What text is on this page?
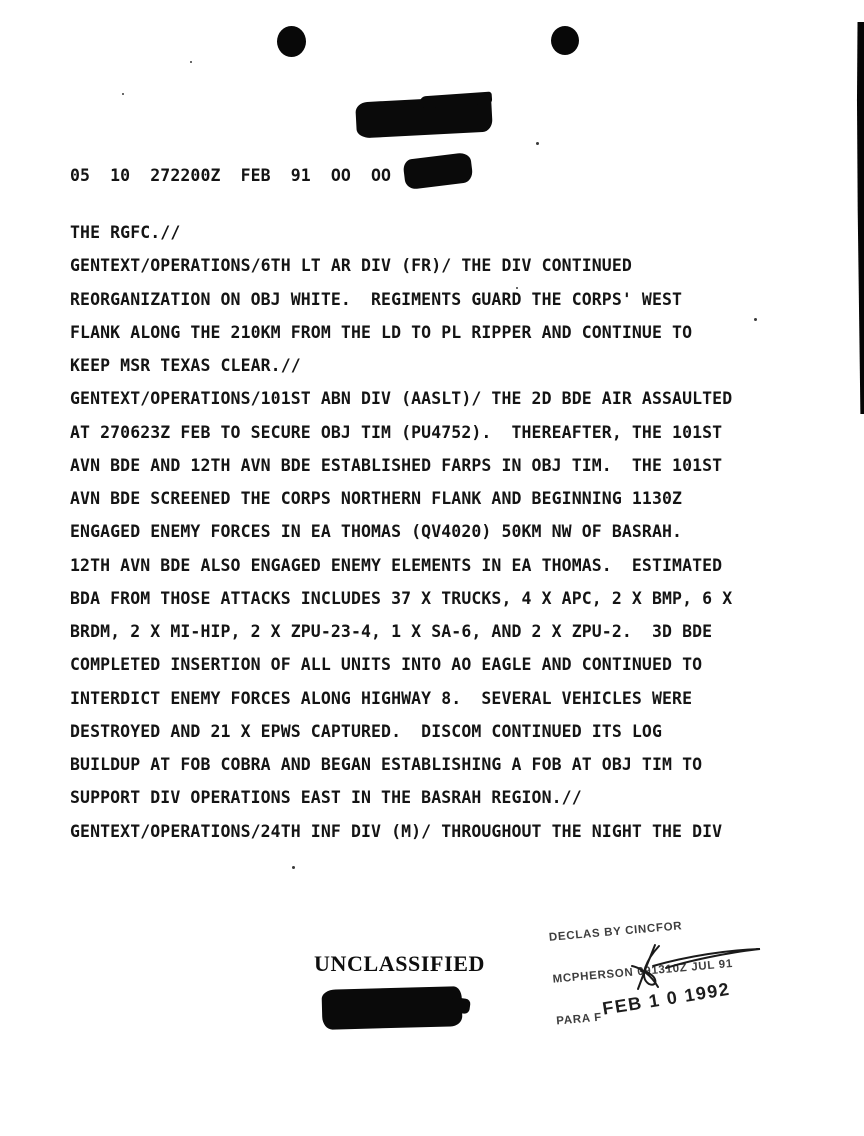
05  10  272200Z  FEB  91  OO  OO
THE RGFC.//
GENTEXT/OPERATIONS/6TH LT AR DIV (FR)/ THE DIV CONTINUED
REORGANIZATION ON OBJ WHITE.  REGIMENTS GUARD THE CORPS' WEST
FLANK ALONG THE 210KM FROM THE LD TO PL RIPPER AND CONTINUE TO
KEEP MSR TEXAS CLEAR.//
GENTEXT/OPERATIONS/101ST ABN DIV (AASLT)/ THE 2D BDE AIR ASSAULTED
AT 270623Z FEB TO SECURE OBJ TIM (PU4752).  THEREAFTER, THE 101ST
AVN BDE AND 12TH AVN BDE ESTABLISHED FARPS IN OBJ TIM.  THE 101ST
AVN BDE SCREENED THE CORPS NORTHERN FLANK AND BEGINNING 1130Z
ENGAGED ENEMY FORCES IN EA THOMAS (QV4020) 50KM NW OF BASRAH.
12TH AVN BDE ALSO ENGAGED ENEMY ELEMENTS IN EA THOMAS.  ESTIMATED
BDA FROM THOSE ATTACKS INCLUDES 37 X TRUCKS, 4 X APC, 2 X BMP, 6 X
BRDM, 2 X MI-HIP, 2 X ZPU-23-4, 1 X SA-6, AND 2 X ZPU-2.  3D BDE
COMPLETED INSERTION OF ALL UNITS INTO AO EAGLE AND CONTINUED TO
INTERDICT ENEMY FORCES ALONG HIGHWAY 8.  SEVERAL VEHICLES WERE
DESTROYED AND 21 X EPWS CAPTURED.  DISCOM CONTINUED ITS LOG
BUILDUP AT FOB COBRA AND BEGAN ESTABLISHING A FOB AT OBJ TIM TO
SUPPORT DIV OPERATIONS EAST IN THE BASRAH REGION.//
GENTEXT/OPERATIONS/24TH INF DIV (M)/ THROUGHOUT THE NIGHT THE DIV
UNCLASSIFIED

DECLAS BY CINCFOR

MCPHERSON 091310Z JUL 91

PARA F

FEB 1 0 1992
